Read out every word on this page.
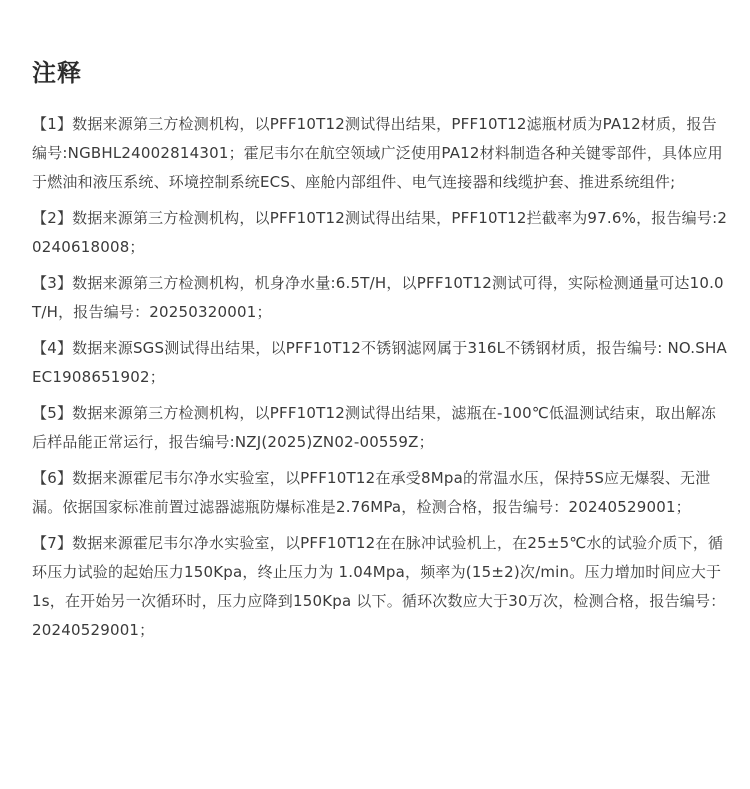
注释
【1】数据来源第三方检测机构，以PFF10T12测试得出结果，PFF10T12滤瓶材质为PA12材质，报告编号:NGBHL24002814301；霍尼韦尔在航空领域广泛使用PA12材料制造各种关键零部件，具体应用于燃油和液压系统、环境控制系统ECS、座舱内部组件、电气连接器和线缆护套、推进系统组件;
【2】数据来源第三方检测机构，以PFF10T12测试得出结果，PFF10T12拦截率为97.6%，报告编号:20240618008；
【3】数据来源第三方检测机构，机身净水量:6.5T/H，以PFF10T12测试可得，实际检测通量可达10.0T/H，报告编号：20250320001；
【4】数据来源SGS测试得出结果，以PFF10T12不锈钢滤网属于316L不锈钢材质，报告编号: NO.SHAEC1908651902；
【5】数据来源第三方检测机构，以PFF10T12测试得出结果，滤瓶在-100℃低温测试结束，取出解冻后样品能正常运行，报告编号:NZJ(2025)ZN02-00559Z；
【6】数据来源霍尼韦尔净水实验室，以PFF10T12在承受8Mpa的常温水压，保持5S应无爆裂、无泄漏。依据国家标准前置过滤器滤瓶防爆标准是2.76MPa，检测合格，报告编号：20240529001；
【7】数据来源霍尼韦尔净水实验室，以PFF10T12在在脉冲试验机上，在25±5℃水的试验介质下，循环压力试验的起始压力150Kpa，终止压力为 1.04Mpa，频率为(15±2)次/min。压力增加时间应大于 1s，在开始另一次循环时，压力应降到150Kpa 以下。循环次数应大于30万次，检测合格，报告编号：20240529001；
